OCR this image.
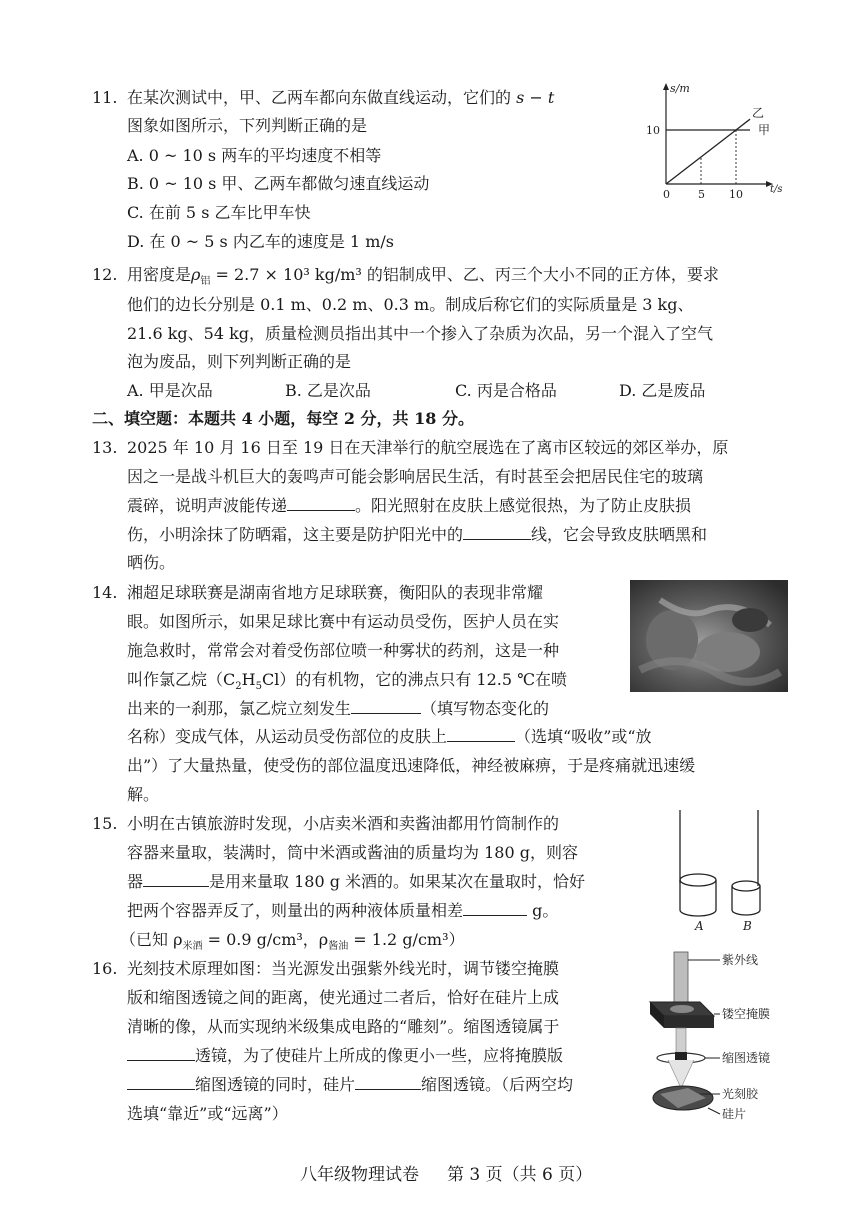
11. 在某次测试中，甲、乙两车都向东做直线运动，它们的 s − t
图象如图所示，下列判断正确的是
A. 0 ~ 10 s 两车的平均速度不相等
B. 0 ~ 10 s 甲、乙两车都做匀速直线运动
C. 在前 5 s 乙车比甲车快
D. 在 0 ~ 5 s 内乙车的速度是 1 m/s
10
0	5 10
s/m
t/s
乙
甲
12. 用密度是$\rho_铝 = 2.7 \times 10^3$ kg/m³ 的铝制成甲、乙、丙三个大小不同的正方体，要求
他们的边长分别是 0.1 m、0.2 m、0.3 m。制成后称它们的实际质量是 3 kg、
21.6 kg、54 kg，质量检测员指出其中一个掺入了杂质为次品，另一个混入了空气
泡为废品，则下列判断正确的是
A. 甲是次品	B. 乙是次品	C. 丙是合格品	D. 乙是废品
二、填空题：本题共 4 小题，每空 2 分，共 18 分。
13. 2025 年 10 月 16 日至 19 日在天津举行的航空展选在了离市区较远的郊区举办，原
因之一是战斗机巨大的轰鸣声可能会影响居民生活，有时甚至会把居民住宅的玻璃
震碎，说明声波能传递	。阳光照射在皮肤上感觉很热，为了防止皮肤损
伤，小明涂抹了防晒霜，这主要是防护阳光中的	线，它会导致皮肤晒黑和
晒伤。
14. 湘超足球联赛是湖南省地方足球联赛，衡阳队的表现非常耀
眼。如图所示，如果足球比赛中有运动员受伤，医护人员在实
施急救时，常常会对着受伤部位喷一种雾状的药剂，这是一种
叫作氯乙烷$(C_2H_5Cl)$的有机物，它的沸点只有 12.5 ℃在喷
出来的一刹那，氯乙烷立刻发生	（填写物态变化的
名称）变成气体，从运动员受伤部位的皮肤上	（选填“吸收”或“放
出”）了大量热量，使受伤的部位温度迅速降低，神经被麻痹，于是疼痛就迅速缓
解。
15. 小明在古镇旅游时发现，小店卖米酒和卖酱油都用竹筒制作的
容器来量取，装满时，筒中米酒或酱油的质量均为 180 g，则容
器	是用来量取 180 g 米酒的。如果某次在量取时，恰好
把两个容器弄反了，则量出的两种液体质量相差	g。
（已知 $\rho_{米酒} = 0.9$ g/cm³，$\rho_{酱油} = 1.2$ g/cm³）
A	B
16. 光刻技术原理如图：当光源发出强紫外线光时，调节镂空掩膜
版和缩图透镜之间的距离，使光通过二者后，恰好在硅片上成
清晰的像，从而实现纳米级集成电路的“雕刻”。缩图透镜属于
透镜，为了使硅片上所成的像更小一些，应将掩膜版
缩图透镜的同时，硅片	缩图透镜。（后两空均
选填“靠近”或“远离”）
紫外线
镂空掩膜
缩图透镜
光刻胶
硅片
八年级物理试卷 第 3 页（共 6 页）
